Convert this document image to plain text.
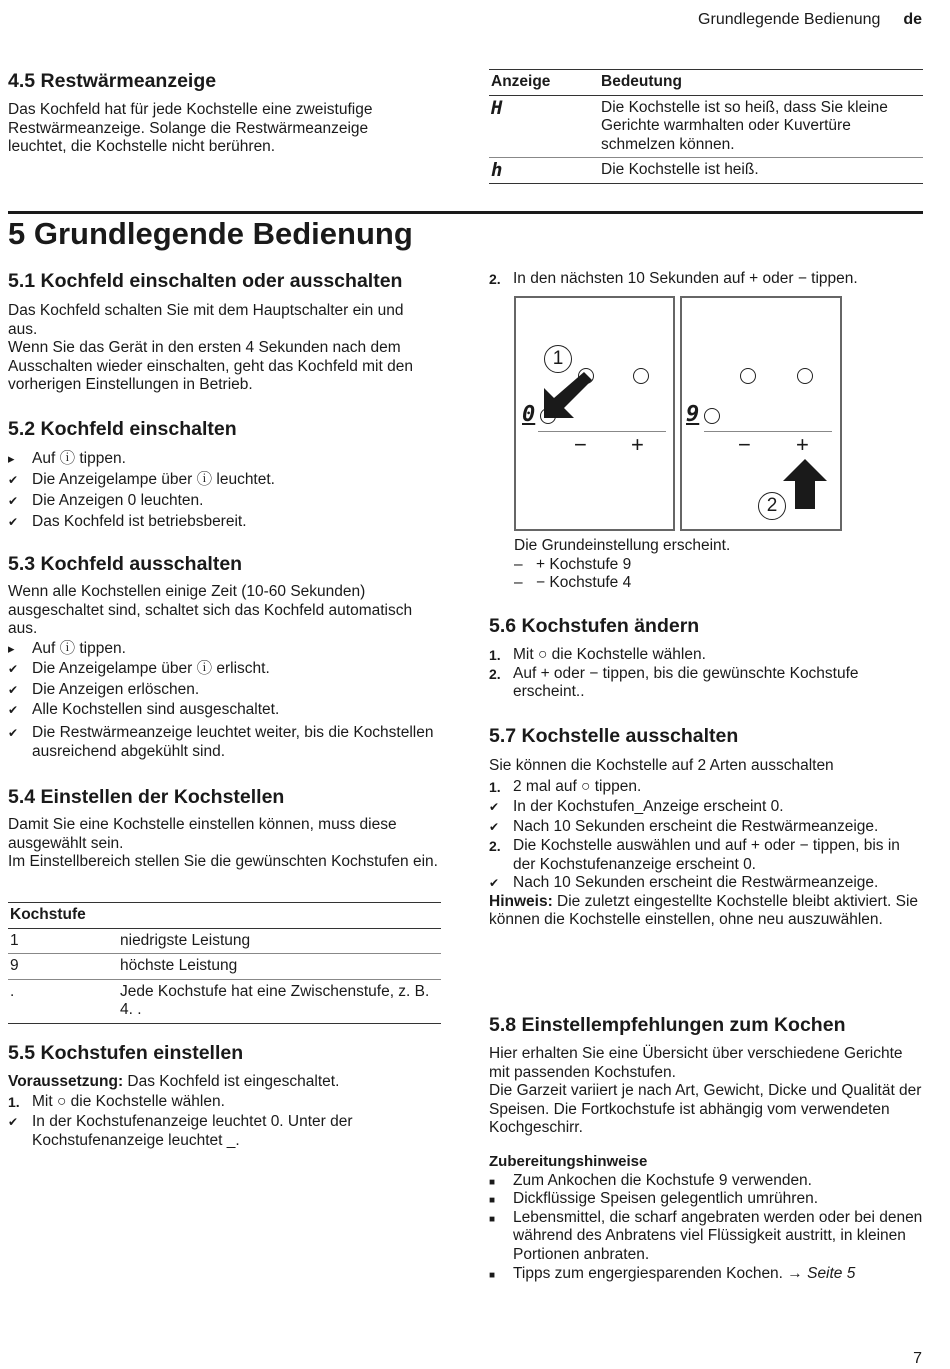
Grundlegende Bedienung de
4.5 Restwärmeanzeige

Das Kochfeld hat für jede Kochstelle eine zweistufige Restwärmeanzeige. Solange die Restwärmeanzeige leuchtet, die Kochstelle nicht berühren.

Anzeige	Bedeutung
H	Die Kochstelle ist so heiß, dass Sie kleine Gerichte warmhalten oder Kuvertüre schmelzen können.
h	Die Kochstelle ist heiß.
5 Grundlegende Bedienung
5.1 Kochfeld einschalten oder ausschalten

Das Kochfeld schalten Sie mit dem Hauptschalter ein und aus.

Wenn Sie das Gerät in den ersten 4 Sekunden nach dem Ausschalten wieder einschalten, geht das Kochfeld mit den vorherigen Einstellungen in Betrieb.

5.2 Kochfeld einschalten
▸
Auf ⓘ tippen.
✔
Die Anzeigelampe über ⓘ leuchtet.
✔
Die Anzeigen 0 leuchten.
✔
Das Kochfeld ist betriebsbereit.
5.3 Kochfeld ausschalten

Wenn alle Kochstellen einige Zeit (10-60 Sekunden) ausgeschaltet sind, schaltet sich das Kochfeld automatisch aus.

▸
Auf ⓘ tippen.
✔
Die Anzeigelampe über ⓘ erlischt.
✔
Die Anzeigen erlöschen.
✔
Alle Kochstellen sind ausgeschaltet.
✔
Die Restwärmeanzeige leuchtet weiter, bis die Kochstellen ausreichend abgekühlt sind.
5.4 Einstellen der Kochstellen

Damit Sie eine Kochstelle einstellen können, muss diese ausgewählt sein.

Im Einstellbereich stellen Sie die gewünschten Kochstufen ein.

Kochstufe	
1	niedrigste Leistung
9	höchste Leistung
.	Jede Kochstufe hat eine Zwischenstufe, z. B. 4. .
5.5 Kochstufen einstellen

Voraussetzung: Das Kochfeld ist eingeschaltet.

1. Mit ○ die Kochstelle wählen.
✔
In der Kochstufenanzeige leuchtet 0. Unter der Kochstufenanzeige leuchtet _.
2. In den nächsten 10 Sekunden auf + oder − tippen.
0
− +
1
9
− +
2

Die Grundeinstellung erscheint.

– + Kochstufe 9
– − Kochstufe 4
5.6 Kochstufen ändern
1. Mit ○ die Kochstelle wählen.
2. Auf + oder − tippen, bis die gewünschte Kochstufe erscheint..
5.7 Kochstelle ausschalten

Sie können die Kochstelle auf 2 Arten ausschalten

1. 2 mal auf ○ tippen.
✔
In der Kochstufen_Anzeige erscheint 0.
✔
Nach 10 Sekunden erscheint die Restwärmeanzeige.
2. Die Kochstelle auswählen und auf + oder − tippen, bis in der Kochstufenanzeige erscheint 0.
✔
Nach 10 Sekunden erscheint die Restwärmeanzeige.

Hinweis: Die zuletzt eingestellte Kochstelle bleibt aktiviert. Sie können die Kochstelle einstellen, ohne neu auszuwählen.

5.8 Einstellempfehlungen zum Kochen

Hier erhalten Sie eine Übersicht über verschiedene Gerichte mit passenden Kochstufen.

Die Garzeit variiert je nach Art, Gewicht, Dicke und Qualität der Speisen. Die Fortkochstufe ist abhängig vom verwendeten Kochgeschirr.

Zubereitungshinweise

■
Zum Ankochen die Kochstufe 9 verwenden.
■
Dickflüssige Speisen gelegentlich umrühren.
■
Lebensmittel, die scharf angebraten werden oder bei denen während des Anbratens viel Flüssigkeit austritt, in kleinen Portionen anbraten.
■
Tipps zum engergiesparenden Kochen. → Seite 5
7
